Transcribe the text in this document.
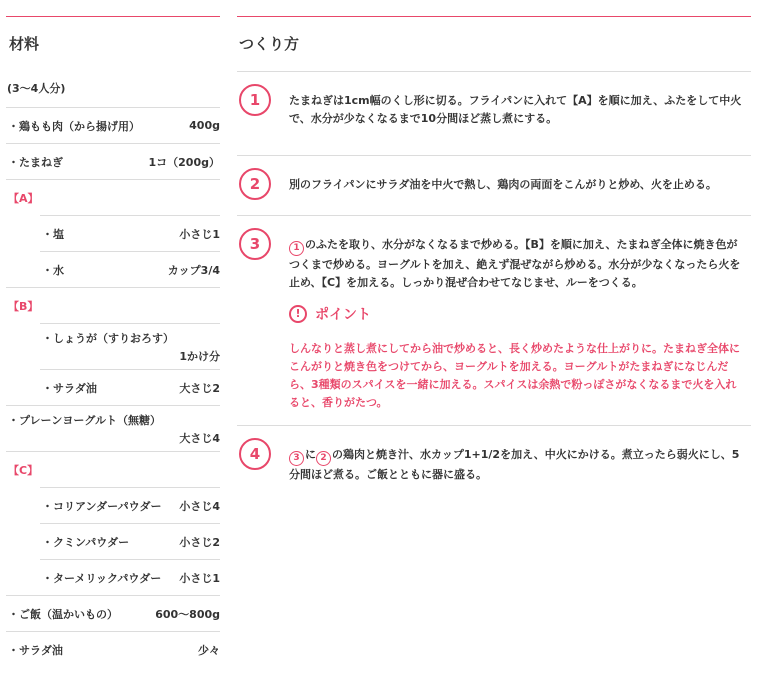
材料
(3〜4人分)
・鶏もも肉（から揚げ用）	400g
・たまねぎ	1コ（200g）
【A】
・塩	小さじ1
・水	カップ3/4
【B】
・しょうが（すりおろす）
1かけ分
・サラダ油	大さじ2
・プレーンヨーグルト（無糖）
大さじ4
【C】
・コリアンダーパウダー 小さじ4
・クミンパウダー	小さじ2
・ターメリックパウダー 小さじ1
・ご飯（温かいもの）	600〜800g
・サラダ油	少々
つくり方
1	たまねぎは1cm幅のくし形に切る。フライパンに入れて【A】を順に加え、ふたをして中火で、水分が少なくなるまで10分間ほど蒸し煮にする。

2	別のフライパンにサラダ油を中火で熱し、鶏肉の両面をこんがりと炒め、火を止める。

3	1 のふたを取り、水分がなくなるまで炒める。【B】を順に加え、たまねぎ全体に焼き色がつくまで炒める。ヨーグルトを加え、絶えず混ぜながら炒める。水分が少なくなったら火を止め、【C】を加える。しっかり混ぜ合わせてなじませ、ルーをつくる。

!	ポイント

しんなりと蒸し煮にしてから油で炒めると、長く炒めたような仕上がりに。たまねぎ全体にこんがりと焼き色をつけてから、ヨーグルトを加える。ヨーグルトがたまねぎになじんだら、3種類のスパイスを一緒に加える。スパイスは余熱で粉っぽさがなくなるまで火を入れると、香りがたつ。

4	3 に 2 の鶏肉と焼き汁、水カップ1+1/2を加え、中火にかける。煮立ったら弱火にし、5分間ほど煮る。ご飯とともに器に盛る。
